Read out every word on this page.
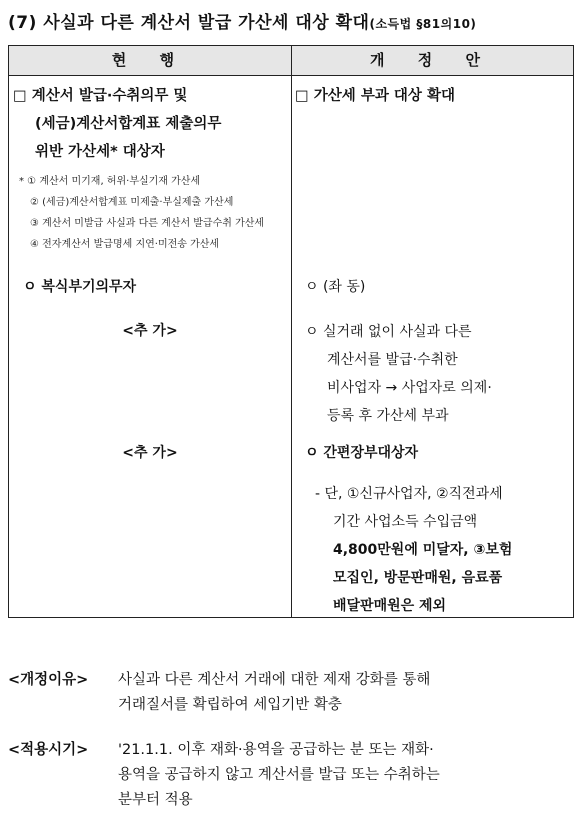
(7) 사실과 다른 계산서 발급 가산세 대상 확대(소득법 §81의10)
현 행	개 정 안
□ 계산서 발급·수취의무 및
(세금)계산서합계표 제출의무
위반 가산세* 대상자
* ① 계산서 미기재, 허위·부실기재 가산세
② (세금)계산서합계표 미제출·부실제출 가산세
③ 계산서 미발급 사실과 다른 계산서 발급수취 가산세
④ 전자계산서 발급명세 지연·미전송 가산세
ㅇ 복식부기의무자
<추 가>
<추 가>
□ 가산세 부과 대상 확대
ㅇ (좌 동)
ㅇ 실거래 없이 사실과 다른
계산서를 발급·수취한
비사업자 → 사업자로 의제·
등록 후 가산세 부과
ㅇ 간편장부대상자
- 단, ①신규사업자, ②직전과세
기간 사업소득 수입금액
4,800만원에 미달자, ③보험
모집인, 방문판매원, 음료품
배달판매원은 제외
<개정이유> 사실과 다른 계산서 거래에 대한 제재 강화를 통해
거래질서를 확립하여 세입기반 확충
<적용시기> '21.1.1. 이후 재화·용역을 공급하는 분 또는 재화·
용역을 공급하지 않고 계산서를 발급 또는 수취하는
분부터 적용
